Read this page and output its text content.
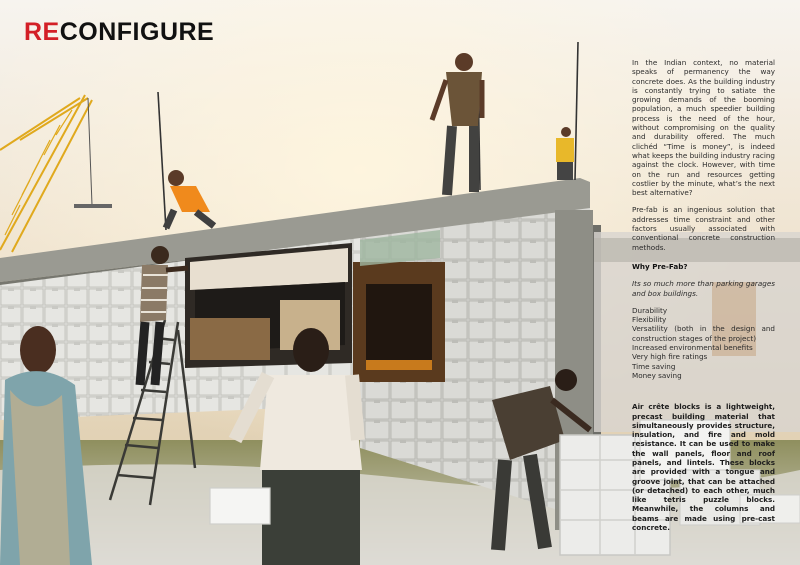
RECONFIGURE

In the Indian context, no material speaks of permanency the way concrete does. As the building industry is constantly trying to satiate the growing demands of the booming population, a much speedier building process is the need of the hour, without compromising on the quality and durability offered. The much clichéd “Time is money”, is indeed what keeps the building industry racing against the clock. However, with time on the run and resources getting costlier by the minute, what’s the next best alternative?

Pre-fab is an ingenious solution that addresses time constraint and other factors usually associated with conventional concrete construction methods.

Why Pre-Fab?

Its so much more than parking garages and box buildings.

Durability
Flexibility
Versatility (both in the design and construction stages of the project)
Increased environmental benefits
Very high fire ratings
Time saving
Money saving

Air crête blocks is a lightweight, precast building material that simultaneously provides structure, insulation, and fire and mold resistance. It can be used to make the wall panels, floor and roof panels, and lintels. These blocks are provided with a tongue and groove joint, that can be attached (or detached) to each other, much like tetris puzzle blocks. Meanwhile, the columns and beams are made using pre-cast concrete.
